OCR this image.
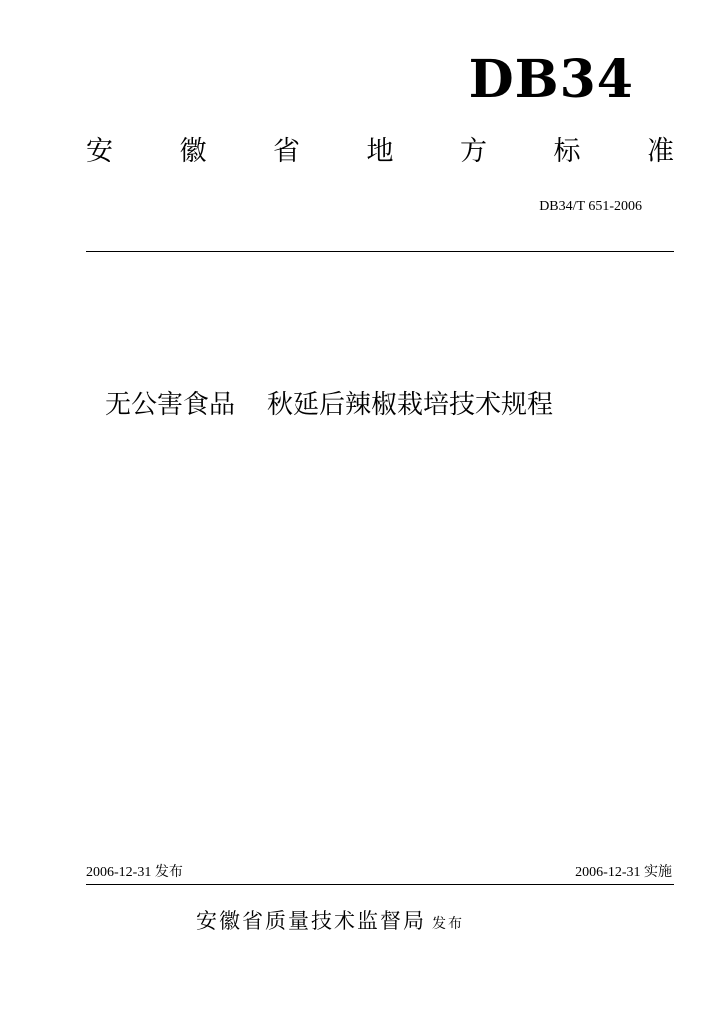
DB34
安 徽 省 地 方 标 准
DB34/T 651-2006
无公害食品 秋延后辣椒栽培技术规程
2006-12-31 发布	2006-12-31 实施
安徽省质量技术监督局 发布
